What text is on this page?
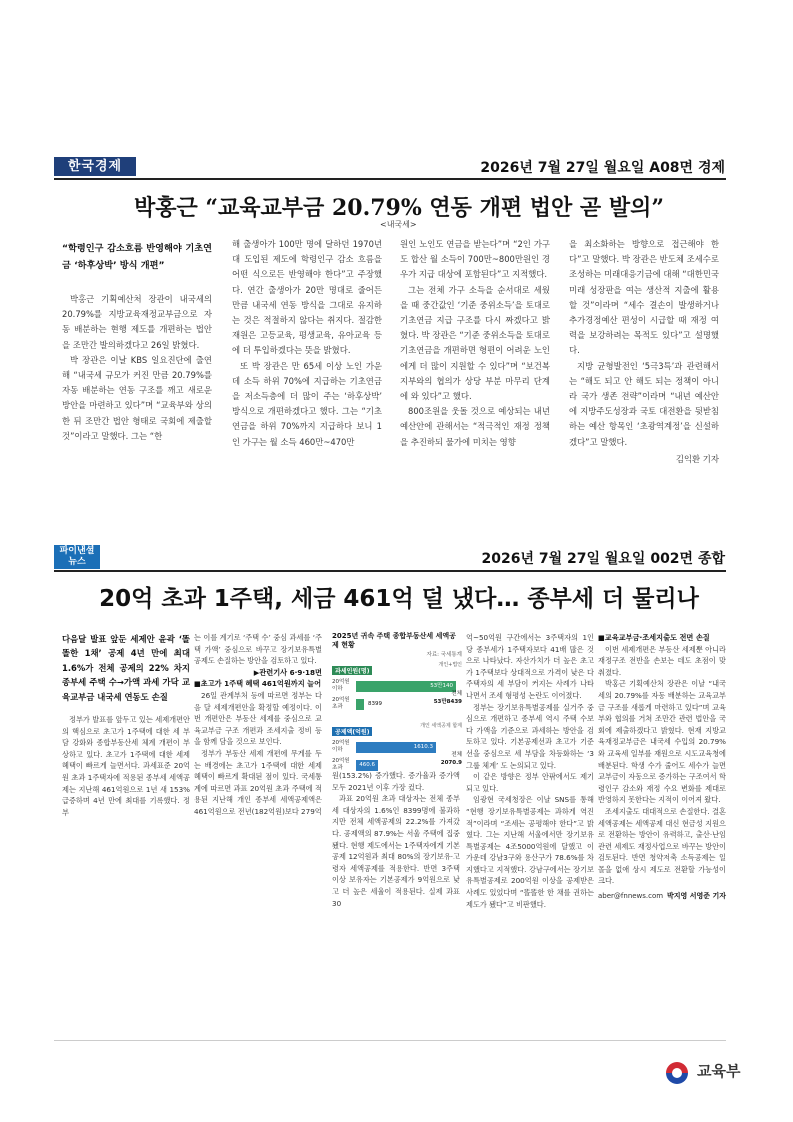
한국경제	2026년 7월 27일 월요일 A08면 경제
박홍근 “교육교부금 20.79% 연동 개편 법안 곧 발의”
<내국세>

“학령인구 감소흐름 반영해야 기초연금 ‘하후상박’ 방식 개편”

박홍근 기획예산처 장관이 내국세의 20.79%를 지방교육재정교부금으로 자동 배분하는 현행 제도를 개편하는 법안을 조만간 발의하겠다고 26일 밝혔다.

박 장관은 이날 KBS 일요진단에 출연해 “내국세 규모가 커진 만큼 20.79%를 자동 배분하는 연동 구조를 깨고 새로운 방안을 마련하고 있다”며 “교육부와 상의한 뒤 조만간 법안 형태로 국회에 제출할 것”이라고 말했다. 그는 “한

해 출생아가 100만 명에 달하던 1970년대 도입된 제도에 학령인구 감소 흐름을 어떤 식으로든 반영해야 한다”고 주장했다. 연간 출생아가 20만 명대로 줄어든 만큼 내국세 연동 방식을 그대로 유지하는 것은 적절하지 않다는 취지다. 절감한 재원은 고등교육, 평생교육, 유아교육 등에 더 투입하겠다는 뜻을 밝혔다.

또 박 장관은 만 65세 이상 노인 가운데 소득 하위 70%에 지급하는 기초연금을 저소득층에 더 많이 주는 ‘하후상박’ 방식으로 개편하겠다고 했다. 그는 “기초연금을 하위 70%까지 지급하다 보니 1인 가구는 월 소득 460만~470만

원인 노인도 연금을 받는다”며 “2인 가구도 합산 월 소득이 700만~800만원인 경우가 지급 대상에 포함된다”고 지적했다.

그는 전체 가구 소득을 순서대로 세웠을 때 중간값인 ‘기준 중위소득’을 토대로 기초연금 지급 구조를 다시 짜겠다고 밝혔다. 박 장관은 “기준 중위소득을 토대로 기초연금을 개편하면 형편이 어려운 노인에게 더 많이 지원할 수 있다”며 “보건복지부와의 협의가 상당 부분 마무리 단계에 와 있다”고 했다.

800조원을 웃돌 것으로 예상되는 내년 예산안에 관해서는 “적극적인 재정 정책을 추진하되 물가에 미치는 영향

을 최소화하는 방향으로 접근해야 한다”고 말했다. 박 장관은 반도체 조세수로 조성하는 미래대응기금에 대해 “대한민국 미래 성장판을 여는 생산적 지출에 활용할 것”이라며 “세수 결손이 발생하거나 추가경정예산 편성이 시급할 때 재정 여력을 보강하려는 목적도 있다”고 설명했다.

지방 균형발전인 ‘5극3특’과 관련해서는 “해도 되고 안 해도 되는 정책이 아니라 국가 생존 전략”이라며 “내년 예산안에 지방주도성장과 국토 대전환을 뒷받침하는 예산 항목인 ‘초광역계정’을 신설하겠다”고 말했다.

김익환 기자
파이낸셜
뉴스	2026년 7월 27일 월요일 002면 종합
20억 초과 1주택, 세금 461억 덜 냈다… 종부세 더 물리나

다음달 발표 앞둔 세제안 윤곽 ‘똘똘한 1채’ 공제 4년 만에 최대 1.6%가 전체 공제의 22% 차지 종부세 주택 수→가액 과세 가닥 교육교부금 내국세 연동도 손질

정부가 발표를 앞두고 있는 세제개편안의 핵심으로 초고가 1주택에 대한 세 부담 강화와 종합부동산세 체계 개편이 부상하고 있다. 초고가 1주택에 대한 세제 혜택이 빠르게 늘면서다. 과세표준 20억원 초과 1주택자에 적용된 종부세 세액공제는 지난해 461억원으로 1년 새 153% 급증하며 4년 만에 최대를 기록했다. 정부

는 이를 계기로 ‘주택 수’ 중심 과세를 ‘주택 가액’ 중심으로 바꾸고 장기보유특별공제도 손질하는 방안을 검토하고 있다.

▶관련기사 6·9·18면

■초고가 1주택 혜택 461억원까지 늘어

26일 관계부처 등에 따르면 정부는 다음 달 세제개편안을 확정할 예정이다. 이번 개편안은 부동산 세제를 중심으로 교육교부금 구조 개편과 조세지출 정비 등을 함께 담을 것으로 보인다.

정부가 부동산 세제 개편에 무게를 두는 배경에는 초고가 1주택에 대한 세제 혜택이 빠르게 확대된 점이 있다. 국세통계에 따르면 과표 20억원 초과 주택에 적용된 지난해 개인 종부세 세액공제액은 461억원으로 전년(182억원)보다 279억

2025년 귀속 주택 종합부동산세 세액공제 현황
자료: 국세통계
과세인원(명)
개인+법인
20억원 이하	53만140
20억원 초과	8399
전체
53만8439
공제액(억원)
개인 세액공제 합계
20억원 이하	1610.3
20억원 초과	460.6
전체
2070.9

원(153.2%) 증가했다. 증가율과 증가액 모두 2021년 이후 가장 컸다.

과표 20억원 초과 대상자는 전체 종부세 대상자의 1.6%인 8399명에 불과하지만 전체 세액공제의 22.2%를 가져갔다. 공제액의 87.9%는 서울 주택에 집중됐다. 현행 제도에서는 1주택자에게 기본공제 12억원과 최대 80%의 장기보유·고령자 세액공제를 적용한다. 반면 3주택 이상 보유자는 기본공제가 9억원으로 낮고 더 높은 세율이 적용된다. 실제 과표 30

억~50억원 구간에서는 3주택자의 1인당 종부세가 1주택자보다 41배 많은 것으로 나타났다. 자산가치가 더 높은 초고가 1주택보다 상대적으로 가격이 낮은 다주택자의 세 부담이 커지는 사례가 나타나면서 조세 형평성 논란도 이어졌다.

정부는 장기보유특별공제를 실거주 중심으로 개편하고 종부세 역시 주택 수보다 가액을 기준으로 과세하는 방안을 검토하고 있다. 기본공제선과 초고가 기준선을 중심으로 세 부담을 차등화하는 ‘3그룹 체계’ 도 논의되고 있다.

이 같은 방향은 정부 안팎에서도 제기되고 있다.

임광현 국세청장은 이날 SNS를 통해 “현행 장기보유특별공제는 과하게 역진적”이라며 “조세는 공평해야 한다”고 밝혔다. 그는 지난해 서울에서만 장기보유특별공제는 4조5000억원에 달했고 이 가운데 강남3구와 용산구가 78.6%를 차지했다고 지적했다. 강남구에서는 장기보유특별공제로 200억원 이상을 공제받은 사례도 있었다며 “똘똘한 한 채를 권하는 제도가 됐다”고 비판했다.

■교육교부금·조세지출도 전면 손질

이번 세제개편은 부동산 세제뿐 아니라 재정구조 전반을 손보는 데도 초점이 맞춰졌다.

박홍근 기획예산처 장관은 이날 “내국세의 20.79%를 자동 배분하는 교육교부금 구조를 새롭게 마련하고 있다”며 교육부와 협의를 거쳐 조만간 관련 법안을 국회에 제출하겠다고 밝혔다. 현재 지방교육재정교부금은 내국세 수입의 20.79%와 교육세 일부를 재원으로 시도교육청에 배분된다. 학생 수가 줄어도 세수가 늘면 교부금이 자동으로 증가하는 구조여서 학령인구 감소와 재정 수요 변화를 제대로 반영하지 못한다는 지적이 이어져 왔다.

조세지출도 대대적으로 손질한다. 결혼세액공제는 세액공제 대신 현금성 지원으로 전환하는 방안이 유력하고, 출산·난임 관련 세제도 재정사업으로 바꾸는 방안이 검토된다. 반면 청약저축 소득공제는 일몰을 없애 상시 제도로 전환할 가능성이 크다.

aber@fnnews.com 박지영 서영준 기자
교육부
